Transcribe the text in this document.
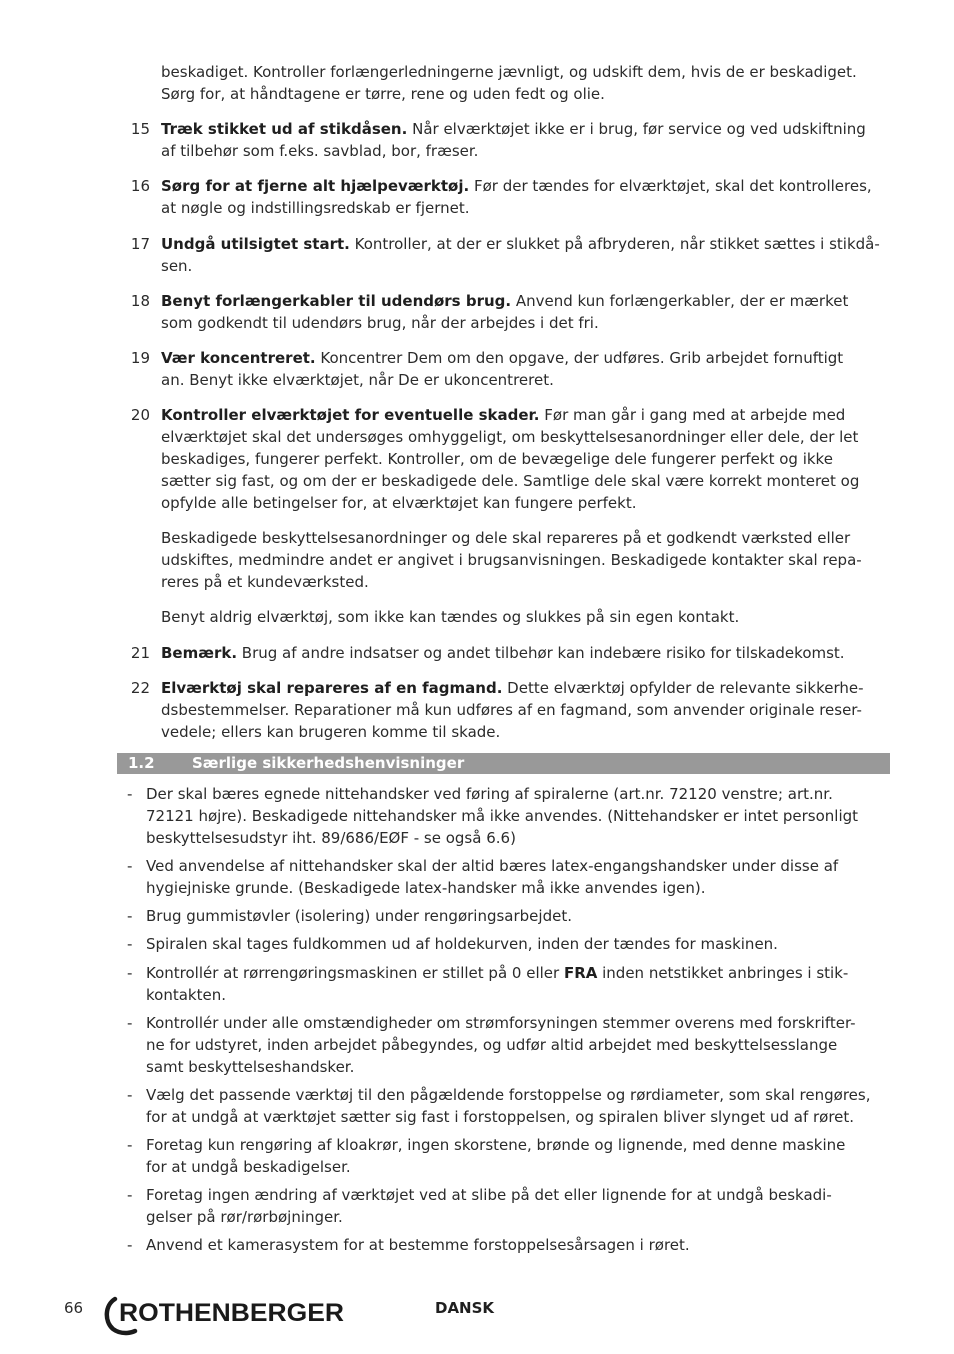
beskadiget. Kontroller forlængerledningerne jævnligt, og udskift dem, hvis de er beskadiget.
Sørg for, at håndtagene er tørre, rene og uden fedt og olie.
15 Træk stikket ud af stikdåsen. Når elværktøjet ikke er i brug, før service og ved udskiftning
af tilbehør som f.eks. savblad, bor, fræser.
16 Sørg for at fjerne alt hjælpeværktøj. Før der tændes for elværktøjet, skal det kontrolleres,
at nøgle og indstillingsredskab er fjernet.
17 Undgå utilsigtet start. Kontroller, at der er slukket på afbryderen, når stikket sættes i stikdå-
sen.
18 Benyt forlængerkabler til udendørs brug. Anvend kun forlængerkabler, der er mærket
som godkendt til udendørs brug, når der arbejdes i det fri.
19 Vær koncentreret. Koncentrer Dem om den opgave, der udføres. Grib arbejdet fornuftigt
an. Benyt ikke elværktøjet, når De er ukoncentreret.
20 Kontroller elværktøjet for eventuelle skader. Før man går i gang med at arbejde med
elværktøjet skal det undersøges omhyggeligt, om beskyttelsesanordninger eller dele, der let
beskadiges, fungerer perfekt. Kontroller, om de bevægelige dele fungerer perfekt og ikke
sætter sig fast, og om der er beskadigede dele. Samtlige dele skal være korrekt monteret og
opfylde alle betingelser for, at elværktøjet kan fungere perfekt.
Beskadigede beskyttelsesanordninger og dele skal repareres på et godkendt værksted eller
udskiftes, medmindre andet er angivet i brugsanvisningen. Beskadigede kontakter skal repa-
reres på et kundeværksted.
Benyt aldrig elværktøj, som ikke kan tændes og slukkes på sin egen kontakt.
21 Bemærk. Brug af andre indsatser og andet tilbehør kan indebære risiko for tilskadekomst.
22 Elværktøj skal repareres af en fagmand. Dette elværktøj opfylder de relevante sikkerhe-
dsbestemmelser. Reparationer må kun udføres af en fagmand, som anvender originale reser-
vedele; ellers kan brugeren komme til skade.
1.2 Særlige sikkerhedshenvisninger
- Der skal bæres egnede nittehandsker ved føring af spiralerne (art.nr. 72120 venstre; art.nr.
72121 højre). Beskadigede nittehandsker må ikke anvendes. (Nittehandsker er intet personligt
beskyttelsesudstyr iht. 89/686/EØF - se også 6.6)
- Ved anvendelse af nittehandsker skal der altid bæres latex-engangshandsker under disse af
hygiejniske grunde. (Beskadigede latex-handsker må ikke anvendes igen).
- Brug gummistøvler (isolering) under rengøringsarbejdet.
- Spiralen skal tages fuldkommen ud af holdekurven, inden der tændes for maskinen.
- Kontrollér at rørrengøringsmaskinen er stillet på 0 eller FRA inden netstikket anbringes i stik-
kontakten.
- Kontrollér under alle omstændigheder om strømforsyningen stemmer overens med forskrifter-
ne for udstyret, inden arbejdet påbegyndes, og udfør altid arbejdet med beskyttelsesslange
samt beskyttelseshandsker.
- Vælg det passende værktøj til den pågældende forstoppelse og rørdiameter, som skal rengøres,
for at undgå at værktøjet sætter sig fast i forstoppelsen, og spiralen bliver slynget ud af røret.
- Foretag kun rengøring af kloakrør, ingen skorstene, brønde og lignende, med denne maskine
for at undgå beskadigelser.
- Foretag ingen ændring af værktøjet ved at slibe på det eller lignende for at undgå beskadi-
gelser på rør/rørbøjninger.
- Anvend et kamerasystem for at bestemme forstoppelsesårsagen i røret.
66 ROTHENBERGER	DANSK
